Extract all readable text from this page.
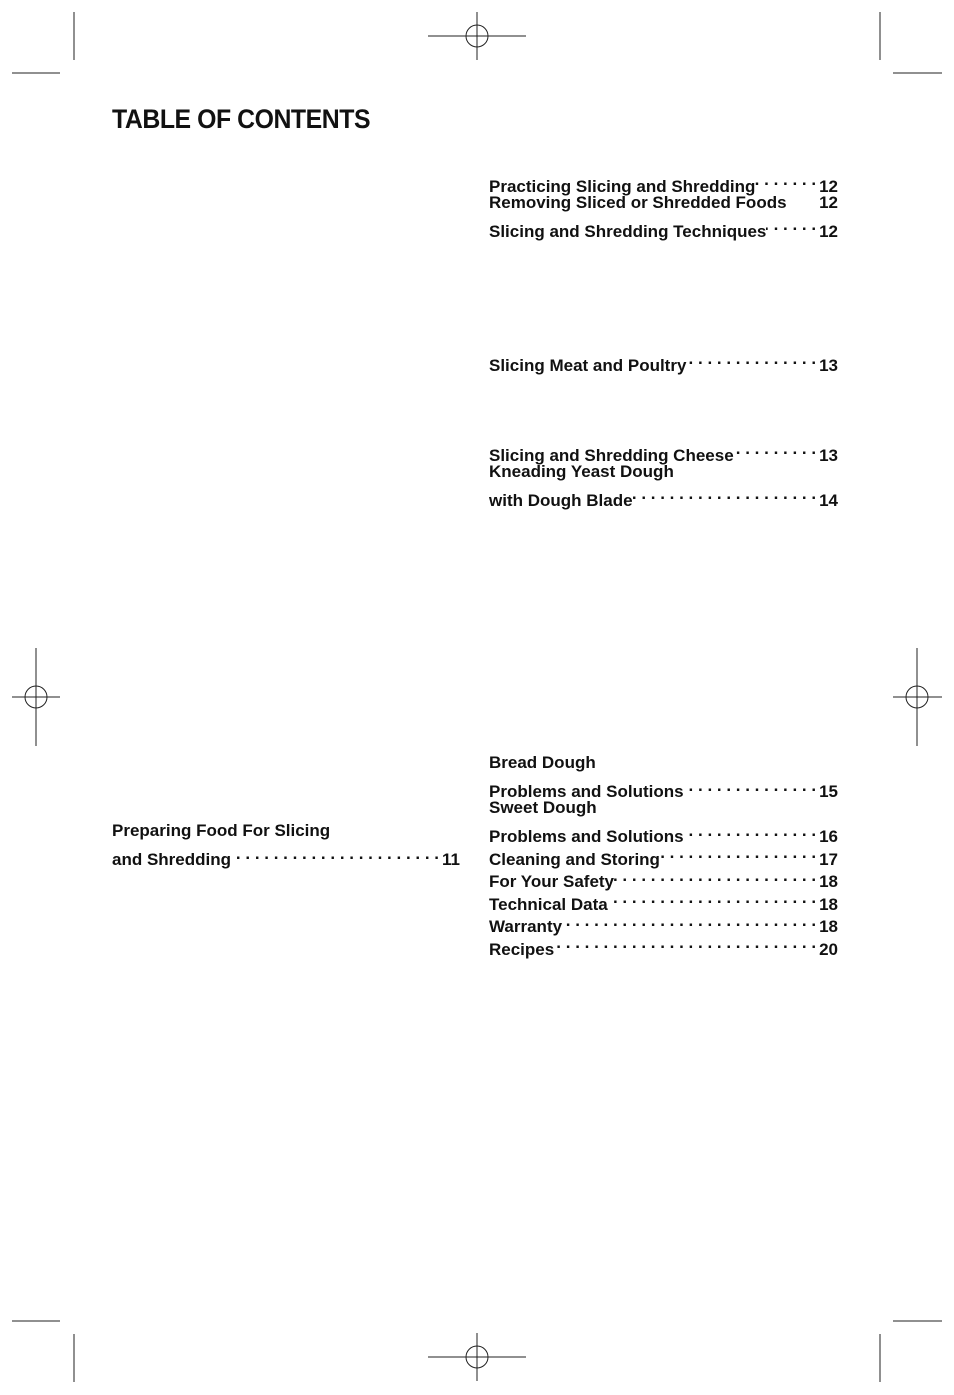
TABLE OF CONTENTS
Practicing Slicing and Shredding . . .	12
Removing Sliced or Shredded Foods 12
Slicing and Shredding Techniques . . .	12
Slicing Meat and Poultry . . .	13
Slicing and Shredding Cheese . . .	13
Kneading Yeast Dough
with Dough Blade . . .	14
Bread Dough
Problems and Solutions . . .	15
Sweet Dough
Problems and Solutions . . .	16
Cleaning and Storing . . .	17
For Your Safety . . .	18
Technical Data . . .	18
Warranty . . .	18
Recipes . . .	20
Preparing Food For Slicing
and Shredding . . .	11
